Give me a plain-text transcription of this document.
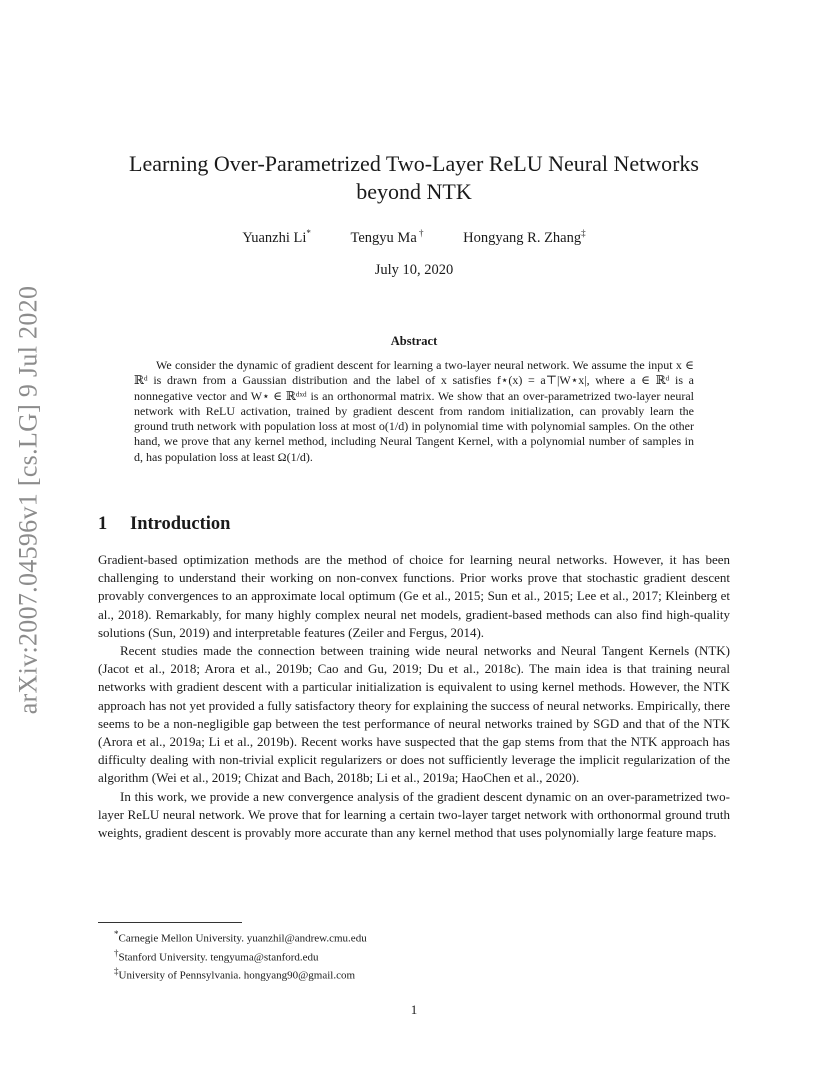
arXiv:2007.04596v1 [cs.LG] 9 Jul 2020
Learning Over-Parametrized Two-Layer ReLU Neural Networks
beyond NTK
Yuanzhi Li*	Tengyu Ma †	Hongyang R. Zhang‡
July 10, 2020
Abstract

We consider the dynamic of gradient descent for learning a two-layer neural network. We assume the input x ∈ ℝᵈ is drawn from a Gaussian distribution and the label of x satisfies f⋆(x) = a⊤|W⋆x|, where a ∈ ℝᵈ is a nonnegative vector and W⋆ ∈ ℝᵈˣᵈ is an orthonormal matrix. We show that an over-parametrized two-layer neural network with ReLU activation, trained by gradient descent from random initialization, can provably learn the ground truth network with population loss at most o(1/d) in polynomial time with polynomial samples. On the other hand, we prove that any kernel method, including Neural Tangent Kernel, with a polynomial number of samples in d, has population loss at least Ω(1/d).

1 Introduction

Gradient-based optimization methods are the method of choice for learning neural networks. However, it has been challenging to understand their working on non-convex functions. Prior works prove that stochastic gradient descent provably convergences to an approximate local optimum (Ge et al., 2015; Sun et al., 2015; Lee et al., 2017; Kleinberg et al., 2018). Remarkably, for many highly complex neural net models, gradient-based methods can also find high-quality solutions (Sun, 2019) and interpretable features (Zeiler and Fergus, 2014).

Recent studies made the connection between training wide neural networks and Neural Tangent Kernels (NTK) (Jacot et al., 2018; Arora et al., 2019b; Cao and Gu, 2019; Du et al., 2018c). The main idea is that training neural networks with gradient descent with a particular initialization is equivalent to using kernel methods. However, the NTK approach has not yet provided a fully satisfactory theory for explaining the success of neural networks. Empirically, there seems to be a non-negligible gap between the test performance of neural networks trained by SGD and that of the NTK (Arora et al., 2019a; Li et al., 2019b). Recent works have suspected that the gap stems from that the NTK approach has difficulty dealing with non-trivial explicit regularizers or does not sufficiently leverage the implicit regularization of the algorithm (Wei et al., 2019; Chizat and Bach, 2018b; Li et al., 2019a; HaoChen et al., 2020).

In this work, we provide a new convergence analysis of the gradient descent dynamic on an over-parametrized two-layer ReLU neural network. We prove that for learning a certain two-layer target network with orthonormal ground truth weights, gradient descent is provably more accurate than any kernel method that uses polynomially large feature maps.

*Carnegie Mellon University. yuanzhil@andrew.cmu.edu
†Stanford University. tengyuma@stanford.edu
‡University of Pennsylvania. hongyang90@gmail.com
1
